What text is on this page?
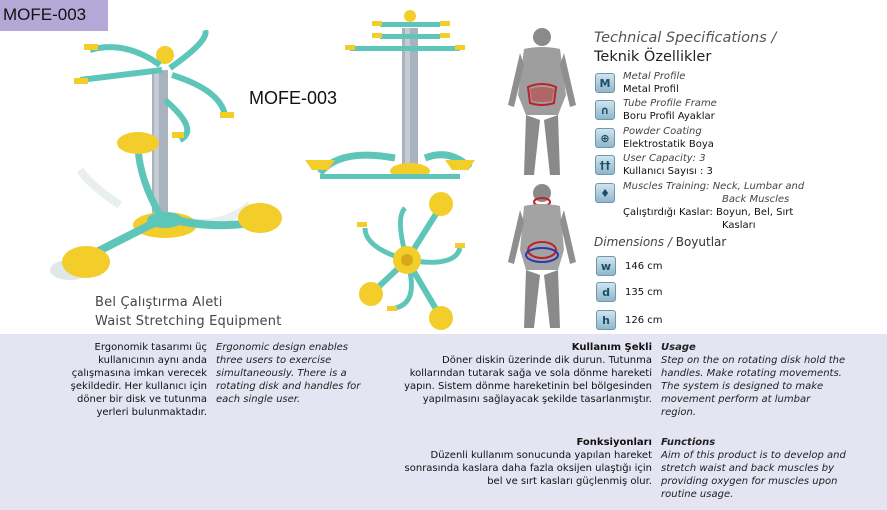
MOFE-003
MOFE-003
Bel Çalıştırma Aleti
Waist Stretching Equipment
Technical Specifications /
Teknik Özellikler
M	Metal Profile
Metal Profil
∩	Tube Profile Frame
Boru Profil Ayaklar
⊕	Powder Coating
Elektrostatik Boya
††	User Capacity: 3
Kullanıcı Sayısı : 3
♦	Muscles Training: Neck, Lumbar and
Back Muscles
Çalıştırdığı Kaslar: Boyun, Bel, Sırt
Kasları
Dimensions / Boyutlar
w	146 cm
d	135 cm
h	126 cm
Ergonomik tasarımı üç
kullanıcının aynı anda
çalışmasına imkan verecek
şekildedir. Her kullanıcı için
döner bir disk ve tutunma
yerleri bulunmaktadır.
Ergonomic design enables
three users to exercise
simultaneously. There is a
rotating disk and handles for
each single user.
Kullanım Şekli
Döner diskin üzerinde dik durun. Tutunma
kollarından tutarak sağa ve sola dönme hareketi
yapın. Sistem dönme hareketinin bel bölgesinden
yapılmasını sağlayacak şekilde tasarlanmıştır.
Usage
Step on the on rotating disk hold the
handles. Make rotating movements.
The system is designed to make
movement perform at lumbar
region.
Fonksiyonları
Düzenli kullanım sonucunda yapılan hareket
sonrasında kaslara daha fazla oksijen ulaştığı için
bel ve sırt kasları güçlenmiş olur.
Functions
Aim of this product is to develop and
stretch waist and back muscles by
providing oxygen for muscles upon
routine usage.
